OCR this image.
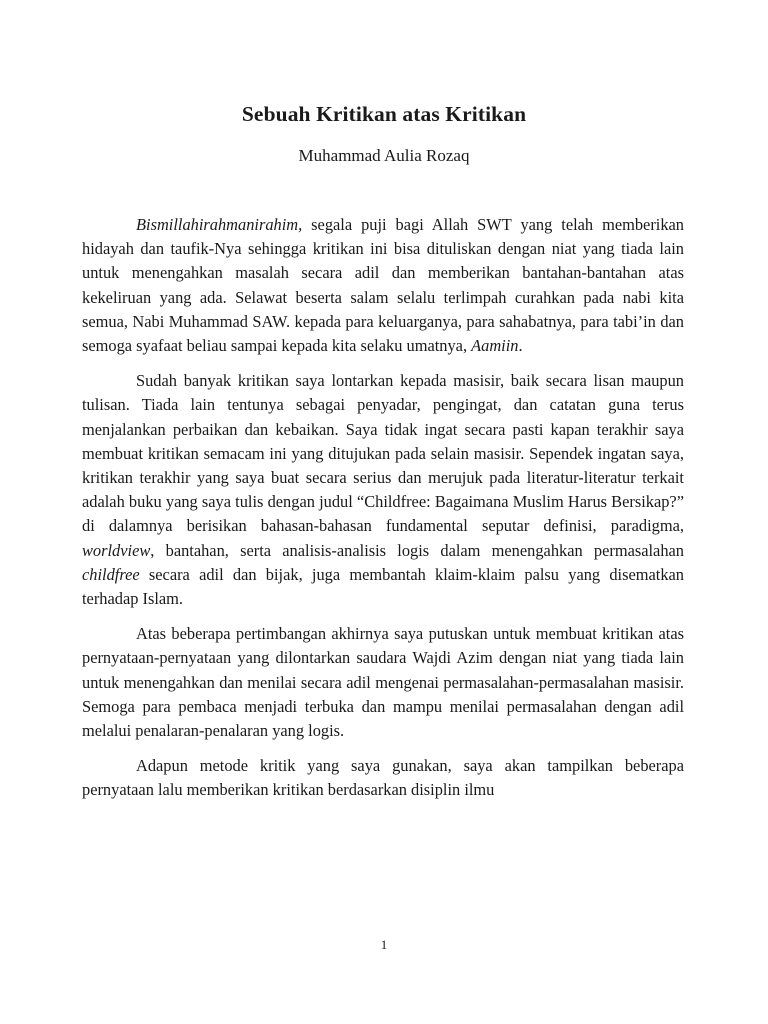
Sebuah Kritikan atas Kritikan
Muhammad Aulia Rozaq

Bismillahirahmanirahim, segala puji bagi Allah SWT yang telah memberikan hidayah dan taufik-Nya sehingga kritikan ini bisa dituliskan dengan niat yang tiada lain untuk menengahkan masalah secara adil dan memberikan bantahan-bantahan atas kekeliruan yang ada. Selawat beserta salam selalu terlimpah curahkan pada nabi kita semua, Nabi Muhammad SAW. kepada para keluarganya, para sahabatnya, para tabi’in dan semoga syafaat beliau sampai kepada kita selaku umatnya, Aamiin.

Sudah banyak kritikan saya lontarkan kepada masisir, baik secara lisan maupun tulisan. Tiada lain tentunya sebagai penyadar, pengingat, dan catatan guna terus menjalankan perbaikan dan kebaikan. Saya tidak ingat secara pasti kapan terakhir saya membuat kritikan semacam ini yang ditujukan pada selain masisir. Sependek ingatan saya, kritikan terakhir yang saya buat secara serius dan merujuk pada literatur-literatur terkait adalah buku yang saya tulis dengan judul “Childfree: Bagaimana Muslim Harus Bersikap?” di dalamnya berisikan bahasan-bahasan fundamental seputar definisi, paradigma, worldview, bantahan, serta analisis-analisis logis dalam menengahkan permasalahan childfree secara adil dan bijak, juga membantah klaim-klaim palsu yang disematkan terhadap Islam.

Atas beberapa pertimbangan akhirnya saya putuskan untuk membuat kritikan atas pernyataan-pernyataan yang dilontarkan saudara Wajdi Azim dengan niat yang tiada lain untuk menengahkan dan menilai secara adil mengenai permasalahan-permasalahan masisir. Semoga para pembaca menjadi terbuka dan mampu menilai permasalahan dengan adil melalui penalaran-penalaran yang logis.

Adapun metode kritik yang saya gunakan, saya akan tampilkan beberapa pernyataan lalu memberikan kritikan berdasarkan disiplin ilmu

1
